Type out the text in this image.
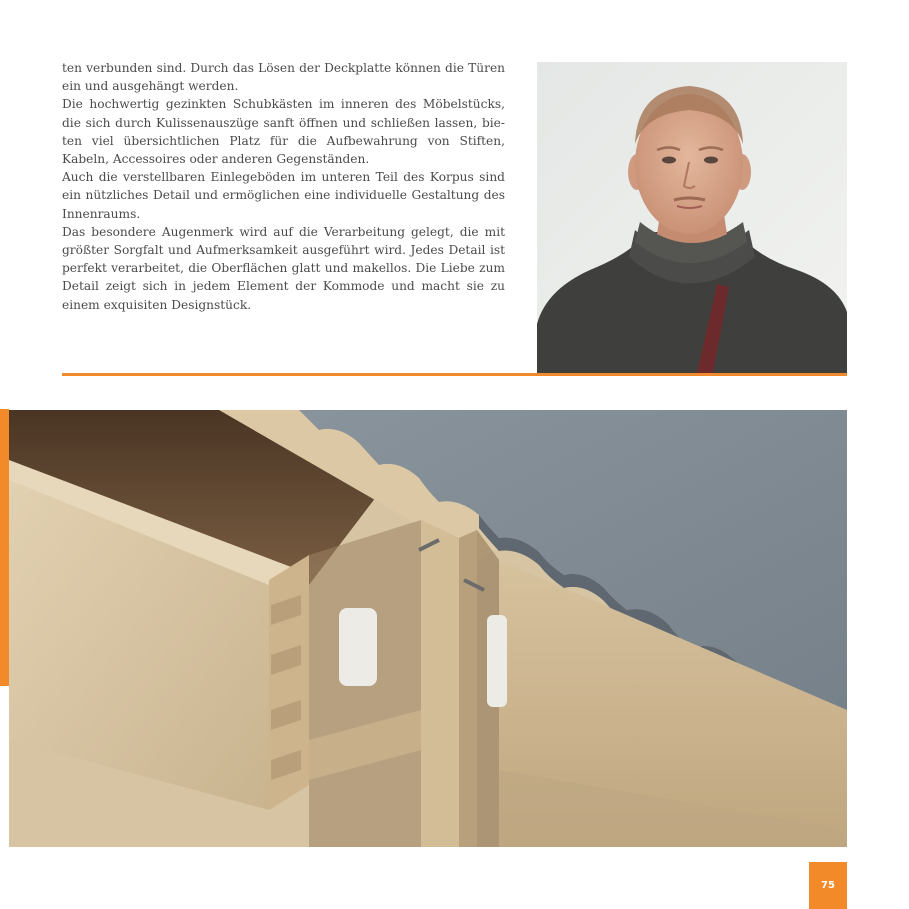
ten verbunden sind. Durch das Lösen der Deckplatte können die Türen ein und ausgehängt werden.

Die hochwertig gezinkten Schubkästen im inneren des Möbelstücks, die sich durch Kulissenauszüge sanft öffnen und schließen lassen, bieten viel übersichtlichen Platz für die Aufbewahrung von Stiften, Kabeln, Accessoires oder anderen Gegenständen.

Auch die verstellbaren Einlegeböden im unteren Teil des Korpus sind ein nützliches Detail und ermöglichen eine individuelle Gestaltung des Innenraums.

Das besondere Augenmerk wird auf die Verarbeitung gelegt, die mit größter Sorgfalt und Aufmerksamkeit ausgeführt wird. Jedes Detail ist perfekt verarbeitet, die Oberflächen glatt und makellos. Die Liebe zum Detail zeigt sich in jedem Element der Kommode und macht sie zu einem exquisiten Designstück.

75
